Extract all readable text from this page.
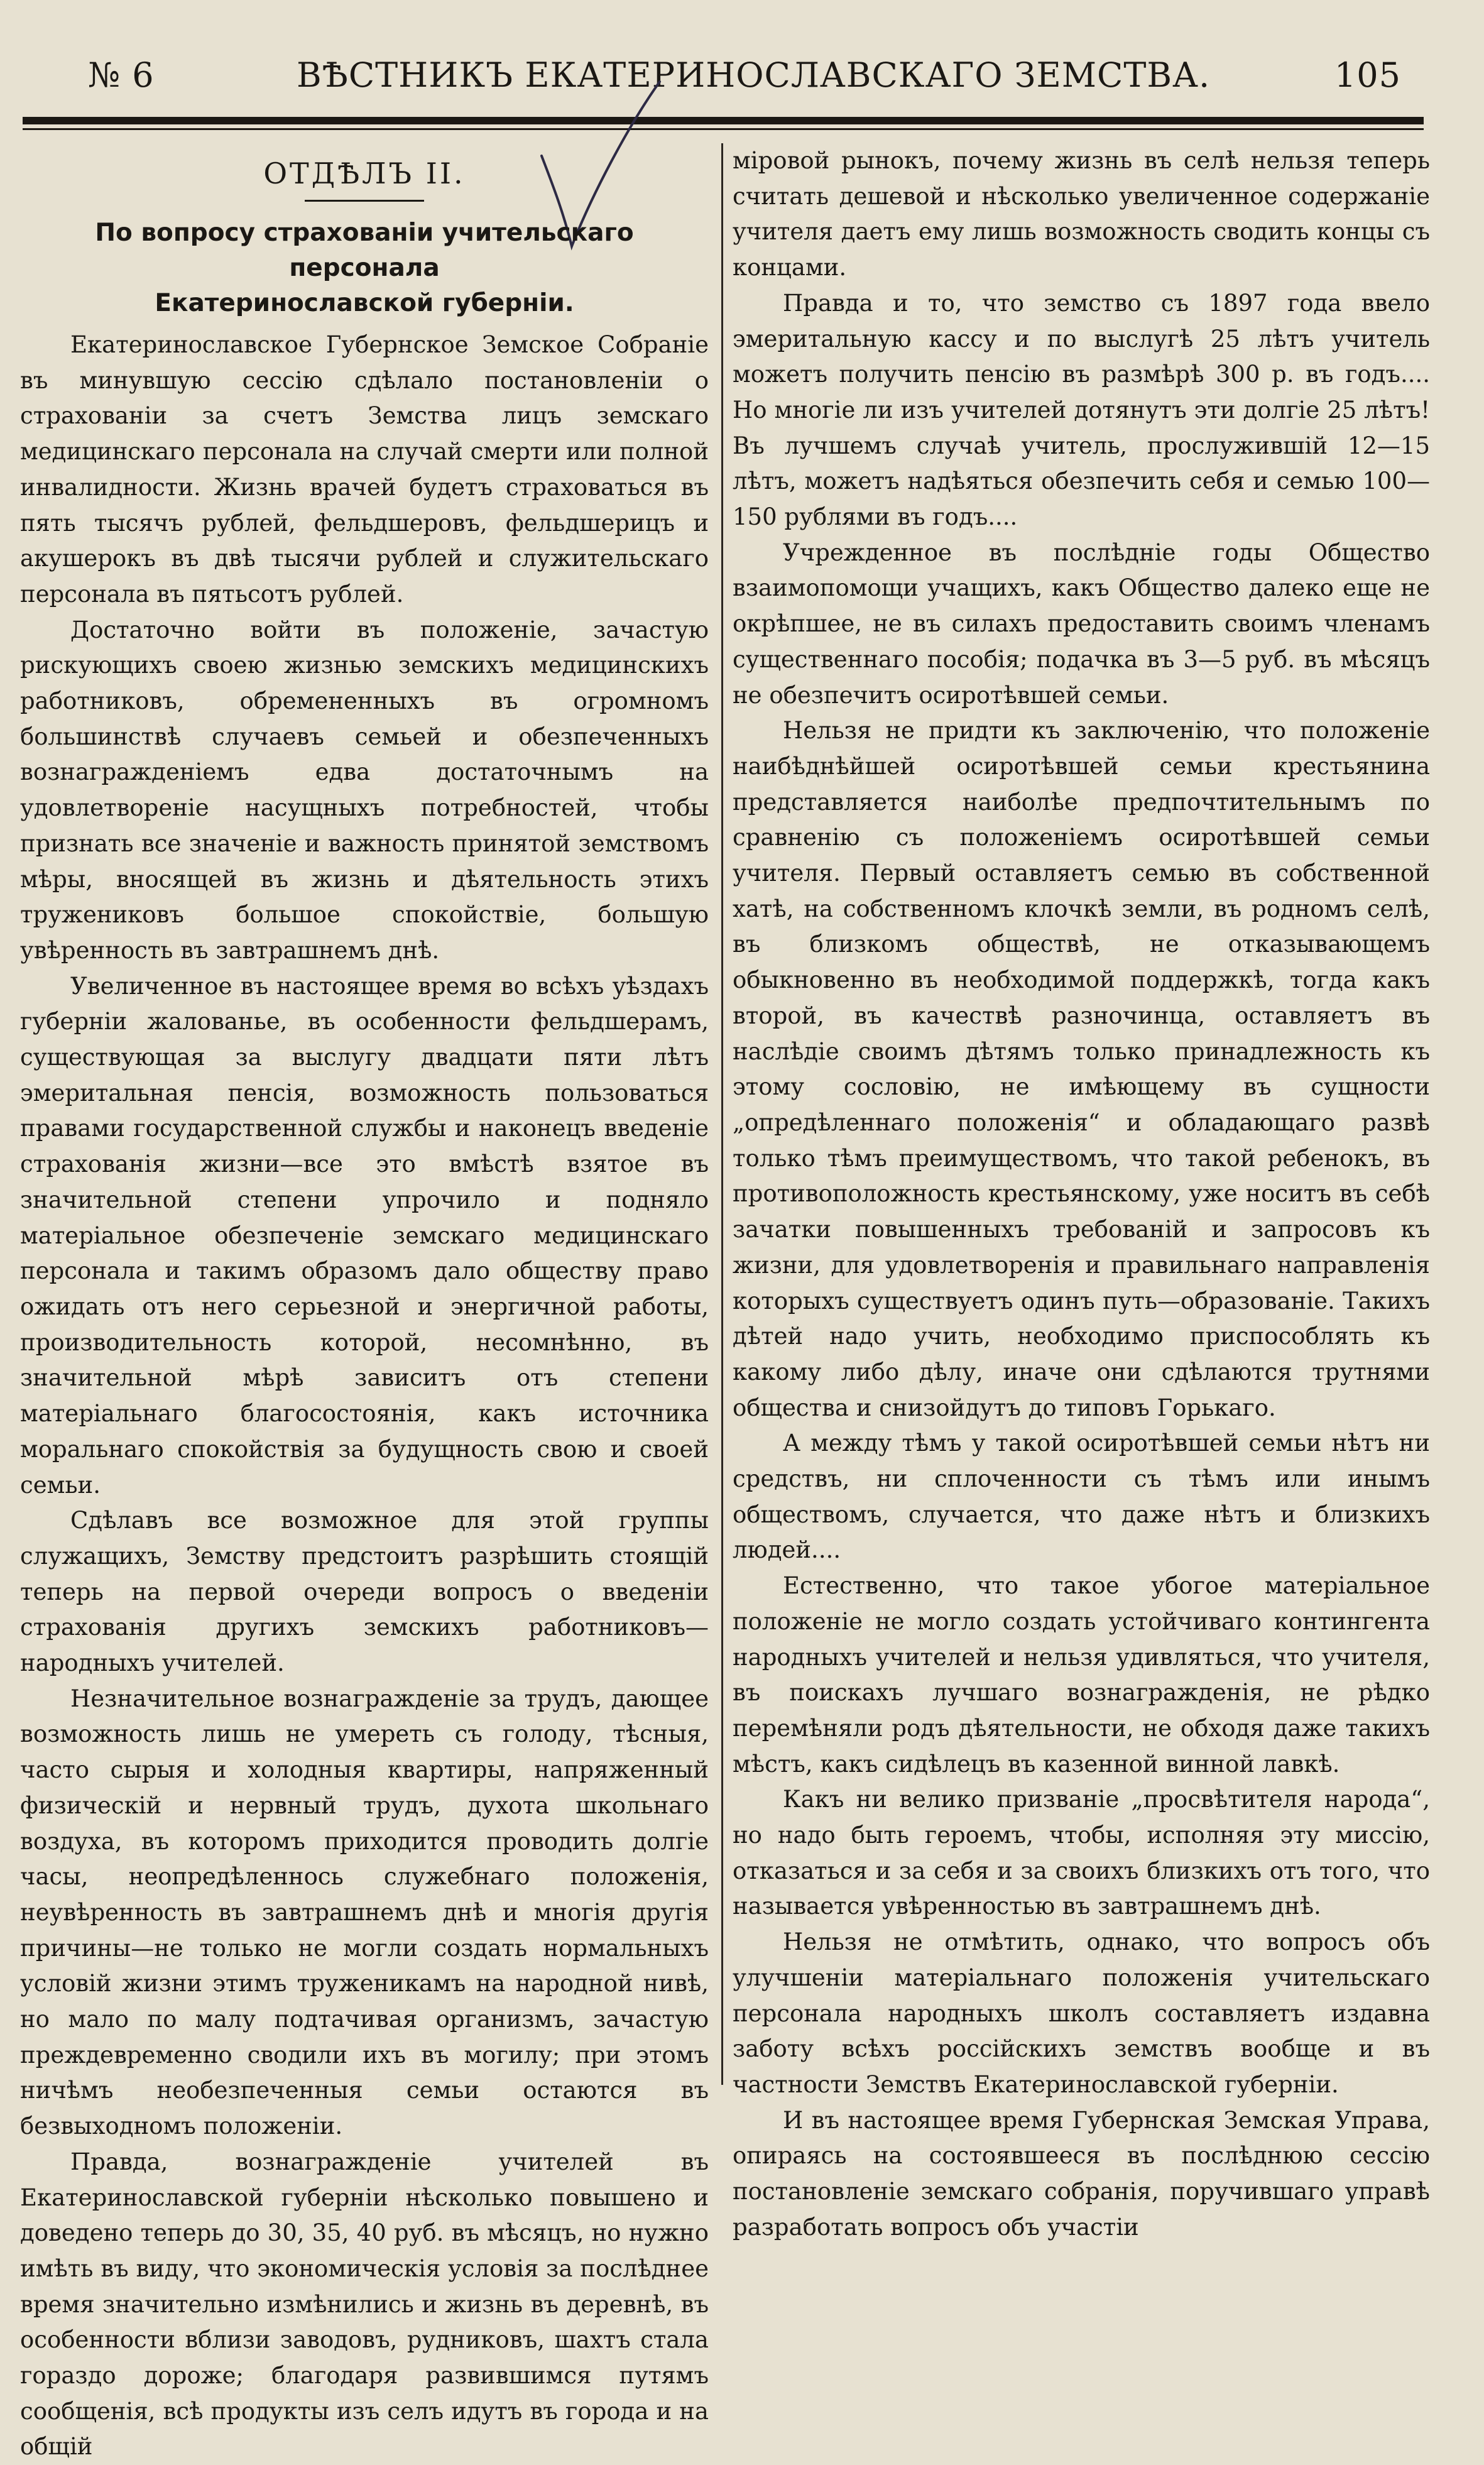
№ 6	ВѢСТНИКЪ ЕКАТЕРИНОСЛАВСКАГО ЗЕМСТВА.	105
ОТДѢЛЪ II.
По вопросу страхованіи учительскаго персонала
Екатеринославской губерніи.

Екатеринославское Губернское Земское Собраніе въ минувшую сессію сдѣлало постановленіи о страхованіи за счетъ Земства лицъ земскаго медицинскаго персонала на случай смерти или полной инвалидности. Жизнь врачей будетъ страховаться въ пять тысячъ рублей, фельдшеровъ, фельдшерицъ и акушерокъ въ двѣ тысячи рублей и служительскаго персонала въ пятьсотъ рублей.

Достаточно войти въ положеніе, зачастую рискующихъ своею жизнью земскихъ медицинскихъ работниковъ, обремененныхъ въ огромномъ большинствѣ случаевъ семьей и обезпеченныхъ вознагражденіемъ едва достаточнымъ на удовлетвореніе насущныхъ потребностей, чтобы признать все значеніе и важность принятой земствомъ мѣры, вносящей въ жизнь и дѣятельность этихъ тружениковъ большое спокойствіе, большую увѣренность въ завтрашнемъ днѣ.

Увеличенное въ настоящее время во всѣхъ уѣздахъ губерніи жалованье, въ особенности фельдшерамъ, существующая за выслугу двадцати пяти лѣтъ эмеритальная пенсія, возможность пользоваться правами государственной службы и наконецъ введеніе страхованія жизни—все это вмѣстѣ взятое въ значительной степени упрочило и подняло матеріальное обезпеченіе земскаго медицинскаго персонала и такимъ образомъ дало обществу право ожидать отъ него серьезной и энергичной работы, производительность которой, несомнѣнно, въ значительной мѣрѣ зависитъ отъ степени матеріальнаго благосостоянія, какъ источника моральнаго спокойствія за будущность свою и своей семьи.

Сдѣлавъ все возможное для этой группы служащихъ, Земству предстоитъ разрѣшить стоящій теперь на первой очереди вопросъ о введеніи страхованія другихъ земскихъ работниковъ—народныхъ учителей.

Незначительное вознагражденіе за трудъ, дающее возможность лишь не умереть съ голоду, тѣсныя, часто сырыя и холодныя квартиры, напряженный физическій и нервный трудъ, духота школьнаго воздуха, въ которомъ приходится проводить долгіе часы, неопредѣленнось служебнаго положенія, неувѣренность въ завтрашнемъ днѣ и многія другія причины—не только не могли создать нормальныхъ условій жизни этимъ труженикамъ на народной нивѣ, но мало по малу подтачивая организмъ, зачастую преждевременно сводили ихъ въ могилу; при этомъ ничѣмъ необезпеченныя семьи остаются въ безвыходномъ положеніи.

Правда, вознагражденіе учителей въ Екатеринославской губерніи нѣсколько повышено и доведено теперь до 30, 35, 40 руб. въ мѣсяцъ, но нужно имѣть въ виду, что экономическія условія за послѣднее время значительно измѣнились и жизнь въ деревнѣ, въ особенности вблизи заводовъ, рудниковъ, шахтъ стала гораздо дороже; благодаря развившимся путямъ сообщенія, всѣ продукты изъ селъ идутъ въ города и на общій

міровой рынокъ, почему жизнь въ селѣ нельзя теперь считать дешевой и нѣсколько увеличенное содержаніе учителя даетъ ему лишь возможность сводить концы съ концами.

Правда и то, что земство съ 1897 года ввело эмеритальную кассу и по выслугѣ 25 лѣтъ учитель можетъ получить пенсію въ размѣрѣ 300 р. въ годъ.... Но многіе ли изъ учителей дотянутъ эти долгіе 25 лѣтъ! Въ лучшемъ случаѣ учитель, прослужившій 12—15 лѣтъ, можетъ надѣяться обезпечить себя и семью 100—150 рублями въ годъ....

Учрежденное въ послѣдніе годы Общество взаимопомощи учащихъ, какъ Общество далеко еще не окрѣпшее, не въ силахъ предоставить своимъ членамъ существеннаго пособія; подачка въ 3—5 руб. въ мѣсяцъ не обезпечитъ осиротѣвшей семьи.

Нельзя не придти къ заключенію, что положеніе наибѣднѣйшей осиротѣвшей семьи крестьянина представляется наиболѣе предпочтительнымъ по сравненію съ положеніемъ осиротѣвшей семьи учителя. Первый оставляетъ семью въ собственной хатѣ, на собственномъ клочкѣ земли, въ родномъ селѣ, въ близкомъ обществѣ, не отказывающемъ обыкновенно въ необходимой поддержкѣ, тогда какъ второй, въ качествѣ разночинца, оставляетъ въ наслѣдіе своимъ дѣтямъ только принадлежность къ этому сословію, не имѣющему въ сущности „опредѣленнаго положенія“ и обладающаго развѣ только тѣмъ преимуществомъ, что такой ребенокъ, въ противоположность крестьянскому, уже носитъ въ себѣ зачатки повышенныхъ требованій и запросовъ къ жизни, для удовлетворенія и правильнаго направленія которыхъ существуетъ одинъ путь—образованіе. Такихъ дѣтей надо учить, необходимо приспособлять къ какому либо дѣлу, иначе они сдѣлаются трутнями общества и снизойдутъ до типовъ Горькаго.

А между тѣмъ у такой осиротѣвшей семьи нѣтъ ни средствъ, ни сплоченности съ тѣмъ или инымъ обществомъ, случается, что даже нѣтъ и близкихъ людей....

Естественно, что такое убогое матеріальное положеніе не могло создать устойчиваго контингента народныхъ учителей и нельзя удивляться, что учителя, въ поискахъ лучшаго вознагражденія, не рѣдко перемѣняли родъ дѣятельности, не обходя даже такихъ мѣстъ, какъ сидѣлецъ въ казенной винной лавкѣ.

Какъ ни велико призваніе „просвѣтителя народа“, но надо быть героемъ, чтобы, исполняя эту миссію, отказаться и за себя и за своихъ близкихъ отъ того, что называется увѣренностью въ завтрашнемъ днѣ.

Нельзя не отмѣтить, однако, что вопросъ объ улучшеніи матеріальнаго положенія учительскаго персонала народныхъ школъ составляетъ издавна заботу всѣхъ россійскихъ земствъ вообще и въ частности Земствъ Екатеринославской губерніи.

И въ настоящее время Губернская Земская Управа, опираясь на состоявшееся въ послѣднюю сессію постановленіе земскаго собранія, поручившаго управѣ разработать вопросъ объ участіи
